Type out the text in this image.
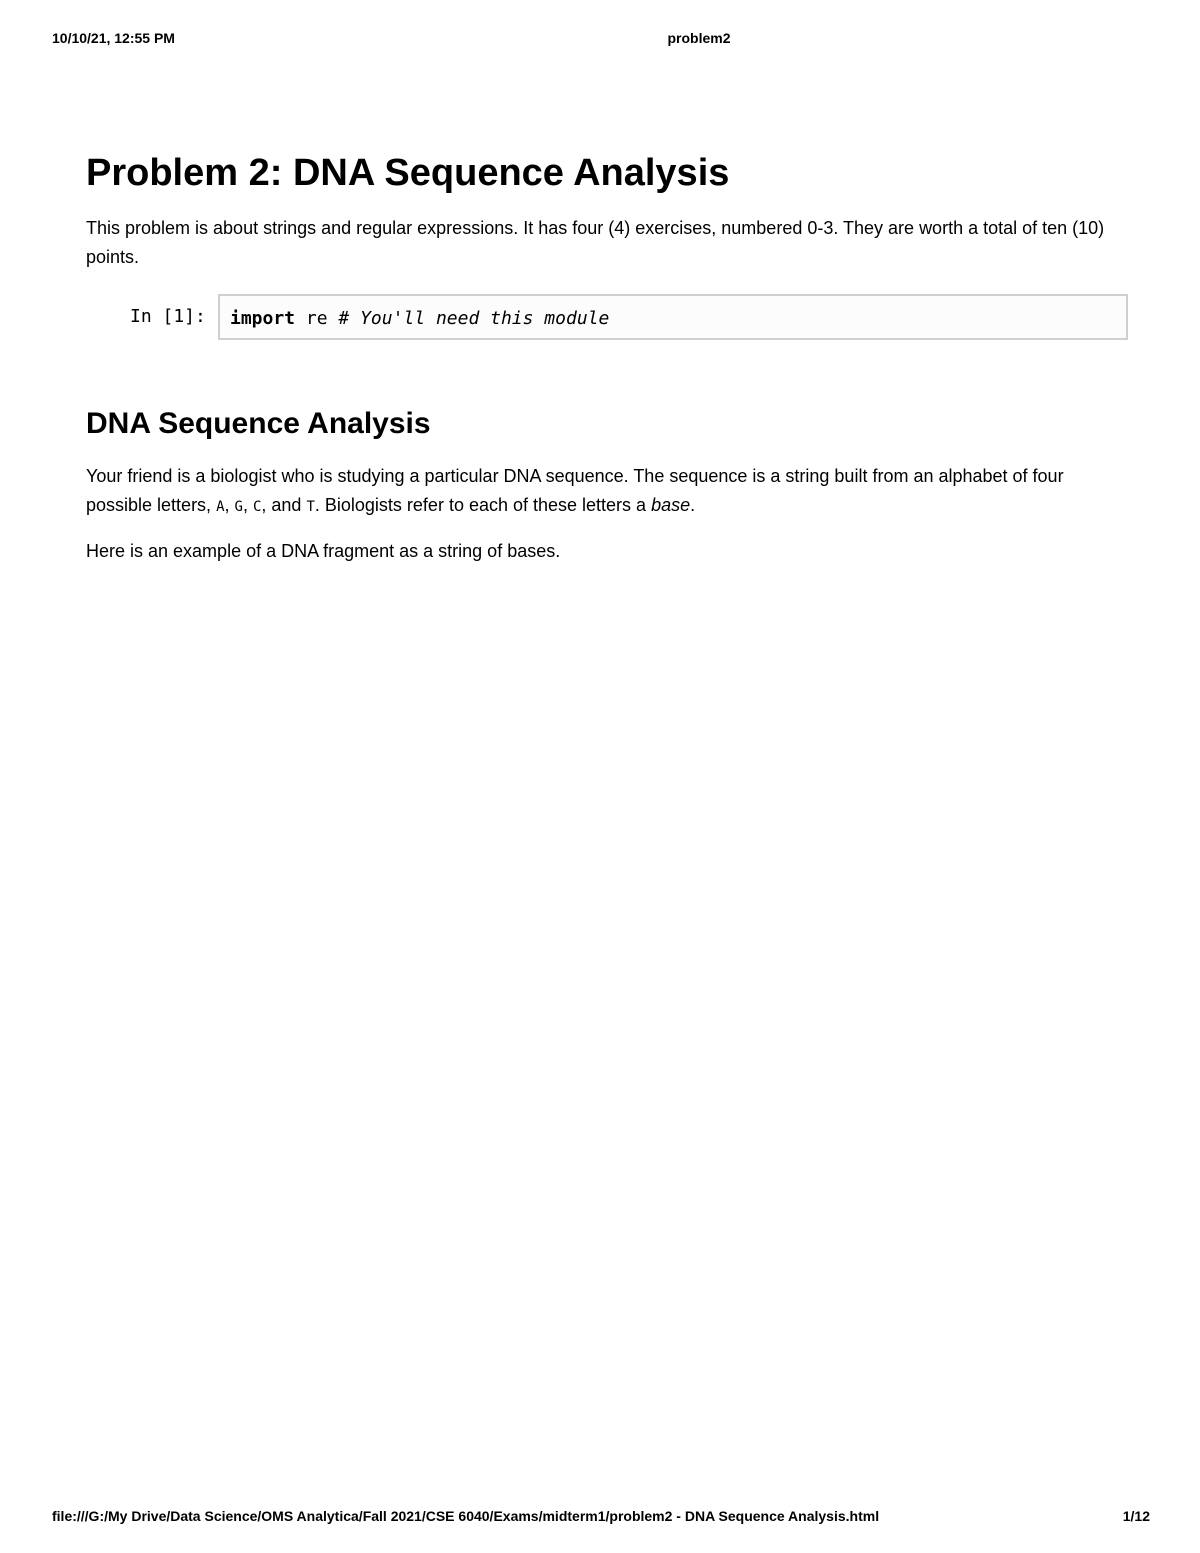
10/10/21, 12:55 PM	problem2
Problem 2: DNA Sequence Analysis

This problem is about strings and regular expressions. It has four (4) exercises, numbered 0-3. They are worth a total of ten (10) points.

In [1]: import re # You'll need this module
DNA Sequence Analysis

Your friend is a biologist who is studying a particular DNA sequence. The sequence is a string built from an alphabet of four possible letters, A, G, C, and T. Biologists refer to each of these letters a base.

Here is an example of a DNA fragment as a string of bases.

file:///G:/My Drive/Data Science/OMS Analytica/Fall 2021/CSE 6040/Exams/midterm1/problem2 - DNA Sequence Analysis.html	1/12
